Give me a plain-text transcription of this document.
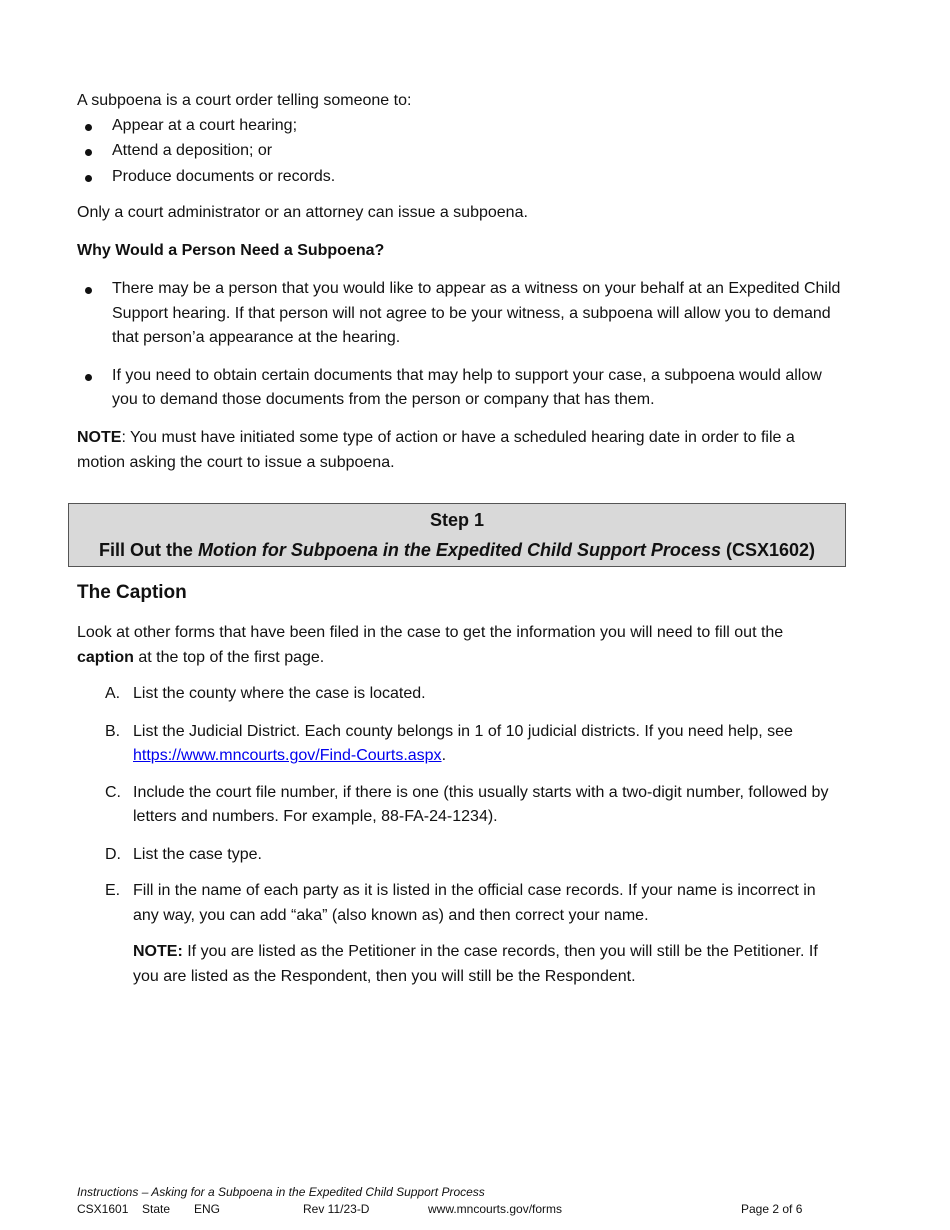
A subpoena is a court order telling someone to:
Appear at a court hearing;
Attend a deposition; or
Produce documents or records.
Only a court administrator or an attorney can issue a subpoena.
Why Would a Person Need a Subpoena?
There may be a person that you would like to appear as a witness on your behalf at an Expedited Child Support hearing. If that person will not agree to be your witness, a subpoena will allow you to demand that person’a appearance at the hearing.
If you need to obtain certain documents that may help to support your case, a subpoena would allow you to demand those documents from the person or company that has them.
NOTE: You must have initiated some type of action or have a scheduled hearing date in order to file a motion asking the court to issue a subpoena.
Step 1
Fill Out the Motion for Subpoena in the Expedited Child Support Process (CSX1602)
The Caption
Look at other forms that have been filed in the case to get the information you will need to fill out the caption at the top of the first page.
A. List the county where the case is located.
B. List the Judicial District. Each county belongs in 1 of 10 judicial districts. If you need help, see https://www.mncourts.gov/Find-Courts.aspx.
C. Include the court file number, if there is one (this usually starts with a two-digit number, followed by letters and numbers. For example, 88-FA-24-1234).
D. List the case type.
E. Fill in the name of each party as it is listed in the official case records. If your name is incorrect in any way, you can add “aka” (also known as) and then correct your name.
NOTE: If you are listed as the Petitioner in the case records, then you will still be the Petitioner. If you are listed as the Respondent, then you will still be the Respondent.
Instructions – Asking for a Subpoena in the Expedited Child Support Process
CSX1601 State ENG	Rev 11/23-D	www.mncourts.gov/forms	Page 2 of 6
